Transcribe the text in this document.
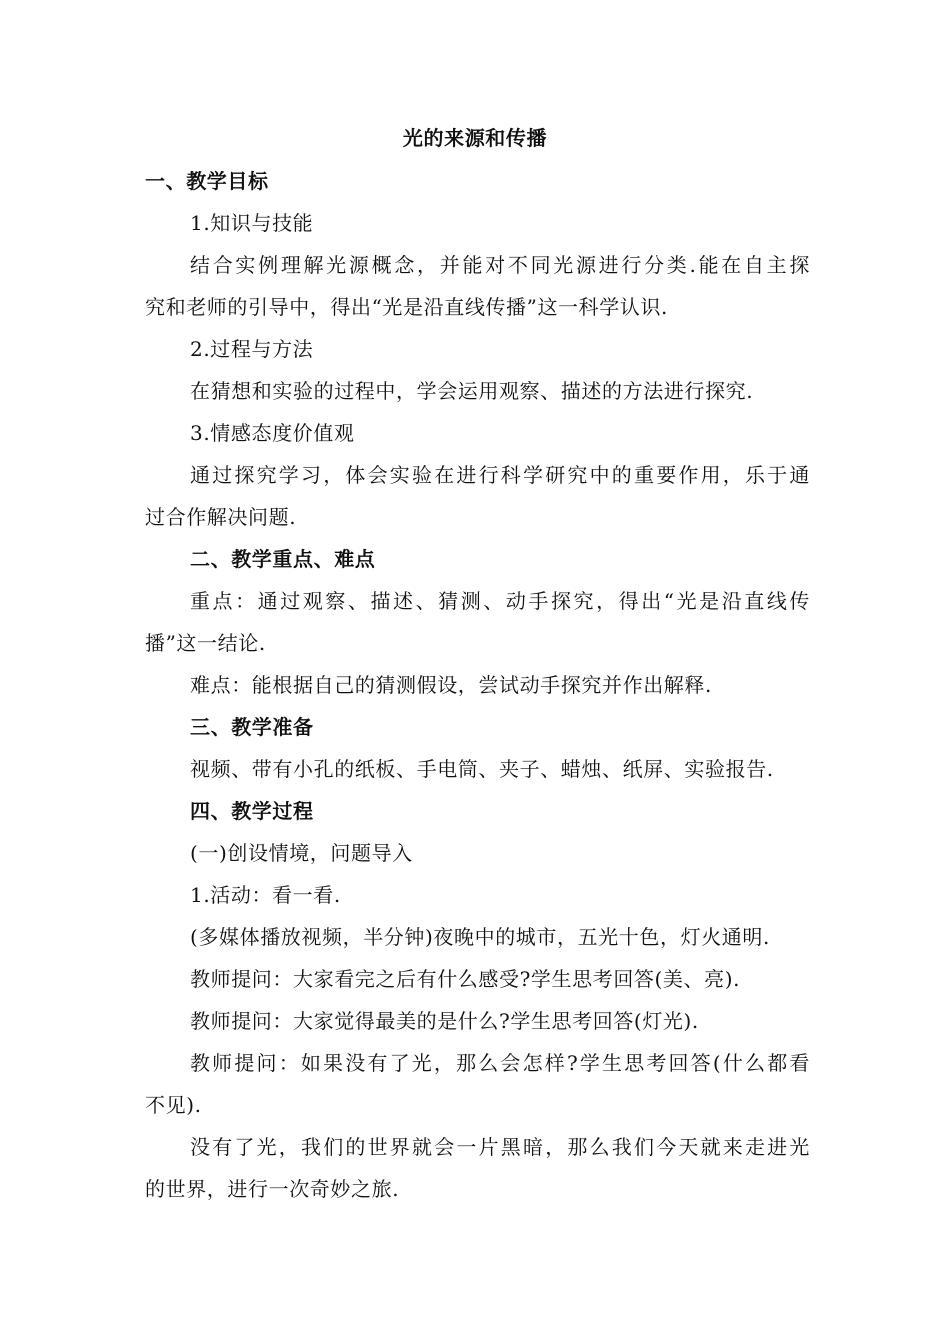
光的来源和传播
一、教学目标
1.知识与技能
结合实例理解光源概念，并能对不同光源进行分类.能在自主探
究和老师的引导中，得出“光是沿直线传播”这一科学认识.
2.过程与方法
在猜想和实验的过程中，学会运用观察、描述的方法进行探究.
3.情感态度价值观
通过探究学习，体会实验在进行科学研究中的重要作用，乐于通
过合作解决问题.
二、教学重点、难点
重点：通过观察、描述、猜测、动手探究，得出“光是沿直线传
播”这一结论.
难点：能根据自己的猜测假设，尝试动手探究并作出解释.
三、教学准备
视频、带有小孔的纸板、手电筒、夹子、蜡烛、纸屏、实验报告.
四、教学过程
(一)创设情境，问题导入
1.活动：看一看.
(多媒体播放视频，半分钟)夜晚中的城市，五光十色，灯火通明.
教师提问：大家看完之后有什么感受?学生思考回答(美、亮).
教师提问：大家觉得最美的是什么?学生思考回答(灯光).
教师提问：如果没有了光，那么会怎样?学生思考回答(什么都看
不见).
没有了光，我们的世界就会一片黑暗，那么我们今天就来走进光
的世界，进行一次奇妙之旅.
